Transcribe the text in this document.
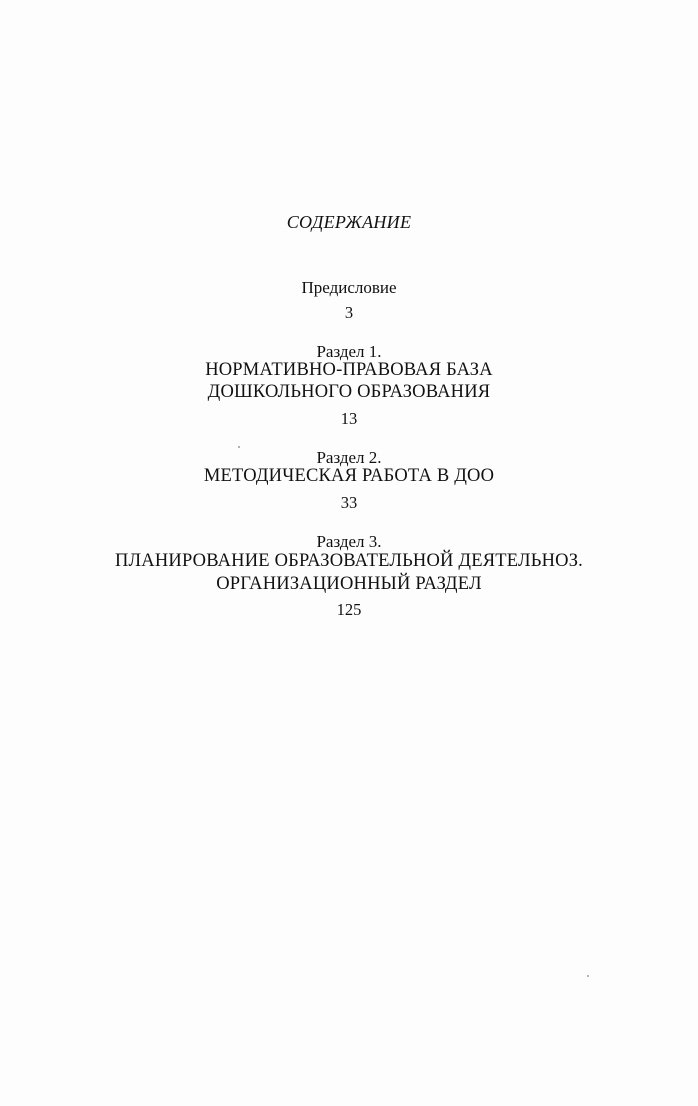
СОДЕРЖАНИЕ
Предисловие
3
Раздел 1.
НОРМАТИВНО-ПРАВОВАЯ БАЗА
ДОШКОЛЬНОГО ОБРАЗОВАНИЯ
13
Раздел 2.
МЕТОДИЧЕСКАЯ РАБОТА В ДОО
33
Раздел 3.
ПЛАНИРОВАНИЕ ОБРАЗОВАТЕЛЬНОЙ ДЕЯТЕЛЬНОЗ.
ОРГАНИЗАЦИОННЫЙ РАЗДЕЛ
125
